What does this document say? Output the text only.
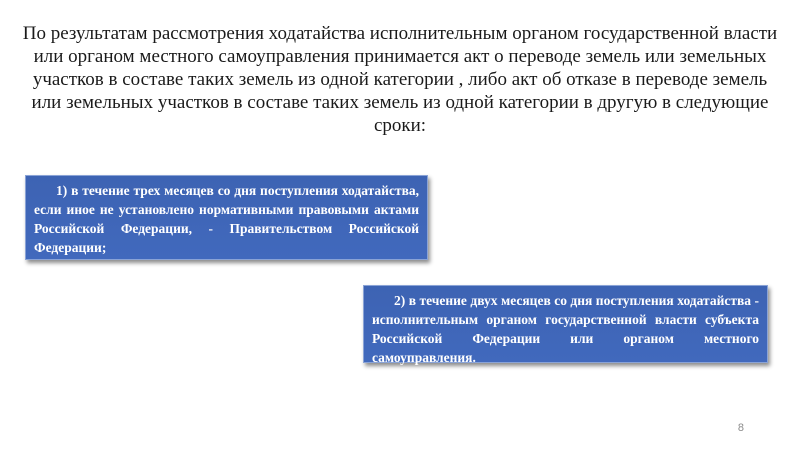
По результатам рассмотрения ходатайства исполнительным органом государственной власти или органом местного самоуправления принимается акт о переводе земель или земельных участков в составе таких земель из одной категории , либо акт об отказе в переводе земель или земельных участков в составе таких земель из одной категории в другую в следующие сроки:

1) в течение трех месяцев со дня поступления ходатайства, если иное не установлено нормативными правовыми актами Российской Федерации, - Правительством Российской Федерации;
2) в течение двух месяцев со дня поступления ходатайства - исполнительным органом государственной власти субъекта Российской Федерации или органом местного самоуправления.
8
